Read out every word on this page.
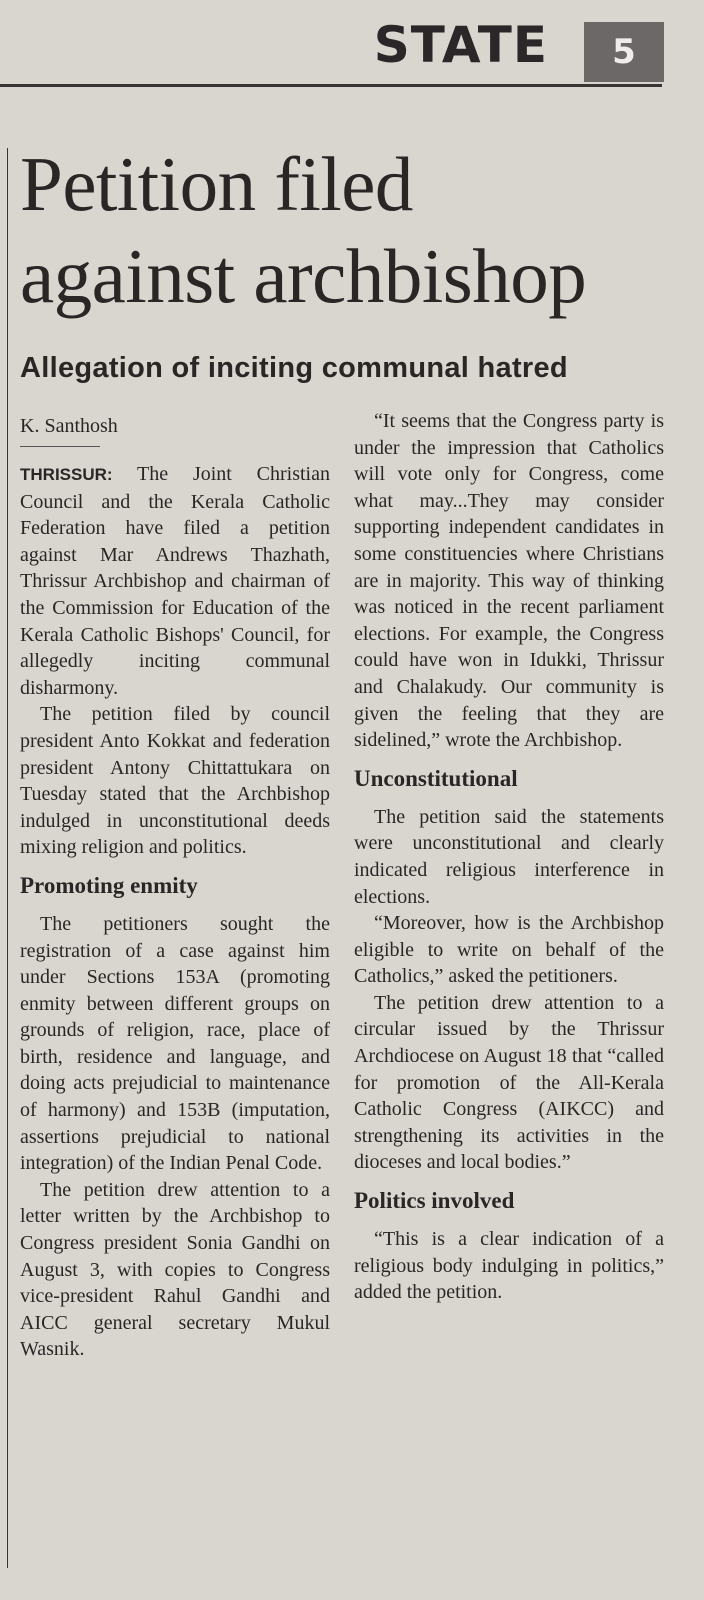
STATE	5
Petition filed
against archbishop
Allegation of inciting communal hatred
K. Santhosh

THRISSUR: The Joint Christian Council and the Kerala Catholic Federation have filed a petition against Mar Andrews Thazhath, Thrissur Archbishop and chairman of the Commission for Education of the Kerala Catholic Bishops' Council, for allegedly inciting communal disharmony.

The petition filed by council president Anto Kokkat and federation president Antony Chittattukara on Tuesday stated that the Archbishop indulged in unconstitutional deeds mixing religion and politics.

Promoting enmity

The petitioners sought the registration of a case against him under Sections 153A (promoting enmity between different groups on grounds of religion, race, place of birth, residence and language, and doing acts prejudicial to maintenance of harmony) and 153B (imputation, assertions prejudicial to national integration) of the Indian Penal Code.

The petition drew attention to a letter written by the Archbishop to Congress president Sonia Gandhi on August 3, with copies to Congress vice-president Rahul Gandhi and AICC general secretary Mukul Wasnik.

“It seems that the Congress party is under the impression that Catholics will vote only for Congress, come what may...They may consider supporting independent candidates in some constituencies where Christians are in majority. This way of thinking was noticed in the recent parliament elections. For example, the Congress could have won in Idukki, Thrissur and Chalakudy. Our community is given the feeling that they are sidelined,” wrote the Archbishop.

Unconstitutional

The petition said the statements were unconstitutional and clearly indicated religious interference in elections.

“Moreover, how is the Archbishop eligible to write on behalf of the Catholics,” asked the petitioners.

The petition drew attention to a circular issued by the Thrissur Archdiocese on August 18 that “called for promotion of the All-Kerala Catholic Congress (AIKCC) and strengthening its activities in the dioceses and local bodies.”

Politics involved

“This is a clear indication of a religious body indulging in politics,” added the petition.
